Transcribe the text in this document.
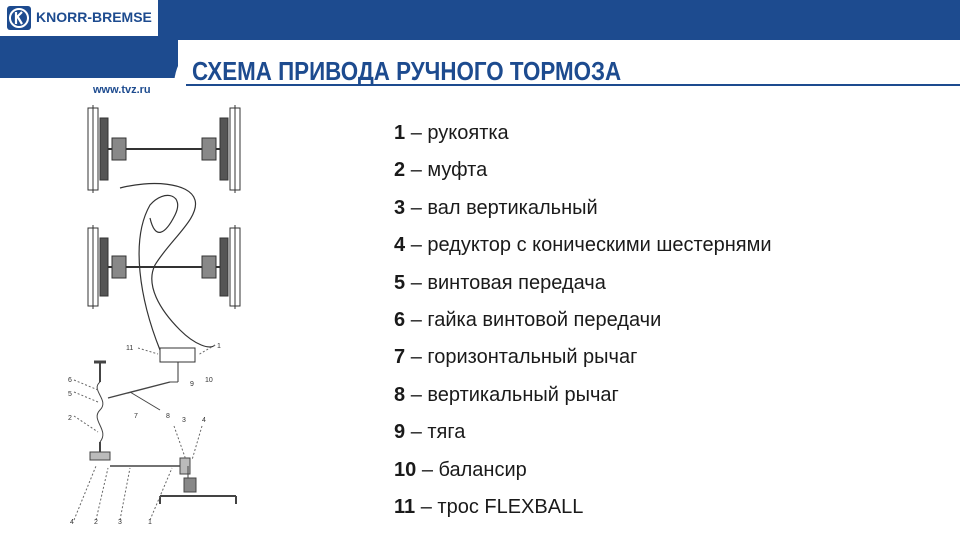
KNORR-BREMSE
СХЕМА ПРИВОДА РУЧНОГО ТОРМОЗА
www.tvz.ru
11	1
9
10
6
5
2	7	8
3 4
4	2	3	1
1 – рукоятка
2 – муфта
3 – вал вертикальный
4 – редуктор с коническими шестернями
5 – винтовая передача
6 – гайка винтовой передачи
7 – горизонтальный рычаг
8 – вертикальный рычаг
9 – тяга
10 – балансир
11 – трос FLEXBALL
